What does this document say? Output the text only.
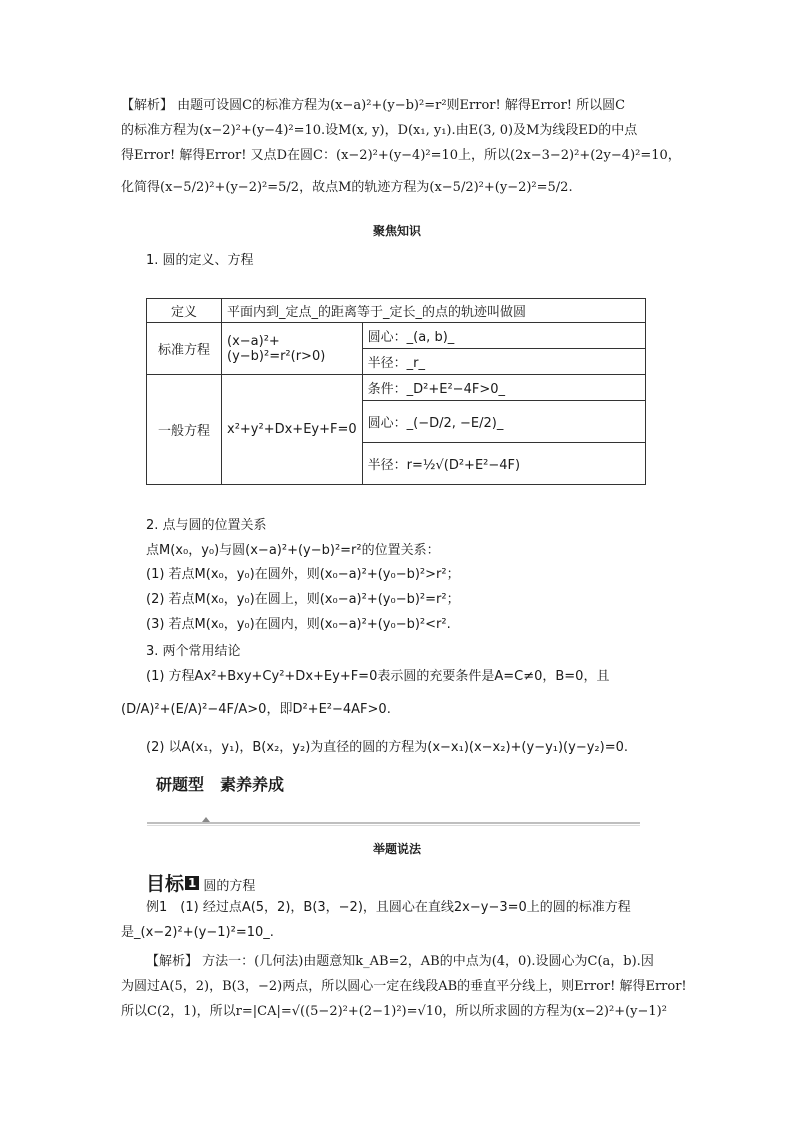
【解析】 由题可设圆C的标准方程为(x−a)²+(y−b)²=r²则Error! 解得Error! 所以圆C
的标准方程为(x−2)²+(y−4)²=10.设M(x, y)，D(x₁, y₁).由E(3, 0)及M为线段ED的中点
得Error! 解得Error! 又点D在圆C：(x−2)²+(y−4)²=10上，所以(2x−3−2)²+(2y−4)²=10，
化简得(x−5/2)²+(y−2)²=5/2，故点M的轨迹方程为(x−5/2)²+(y−2)²=5/2.
聚焦知识
1. 圆的定义、方程
定义	平面内到_定点_的距离等于_定长_的点的轨迹叫做圆	
标准方程	(x−a)²+(y−b)²=r²(r>0)	圆心：_(a, b)_
		半径：_r_
一般方程	x²+y²+Dx+Ey+F=0	条件：_D²+E²−4F>0_
		圆心：_(−D/2, −E/2)_
		半径：r=½√(D²+E²−4F)
2. 点与圆的位置关系
点M(x₀，y₀)与圆(x−a)²+(y−b)²=r²的位置关系：
(1) 若点M(x₀，y₀)在圆外，则(x₀−a)²+(y₀−b)²>r²；
(2) 若点M(x₀，y₀)在圆上，则(x₀−a)²+(y₀−b)²=r²；
(3) 若点M(x₀，y₀)在圆内，则(x₀−a)²+(y₀−b)²<r².
3. 两个常用结论
(1) 方程Ax²+Bxy+Cy²+Dx+Ey+F=0表示圆的充要条件是A=C≠0，B=0，且
(D/A)²+(E/A)²−4F/A>0，即D²+E²−4AF>0.
(2) 以A(x₁，y₁)，B(x₂，y₂)为直径的圆的方程为(x−x₁)(x−x₂)+(y−y₁)(y−y₂)=0.
研题型　素养养成
举题说法
目标 1 圆的方程
例1　(1) 经过点A(5，2)，B(3，−2)，且圆心在直线2x−y−3=0上的圆的标准方程
是_(x−2)²+(y−1)²=10_.
【解析】 方法一：(几何法)由题意知k_AB=2，AB的中点为(4，0).设圆心为C(a，b).因
为圆过A(5，2)，B(3，−2)两点，所以圆心一定在线段AB的垂直平分线上，则Error! 解得Error!
所以C(2，1)，所以r=|CA|=√((5−2)²+(2−1)²)=√10，所以所求圆的方程为(x−2)²+(y−1)²
